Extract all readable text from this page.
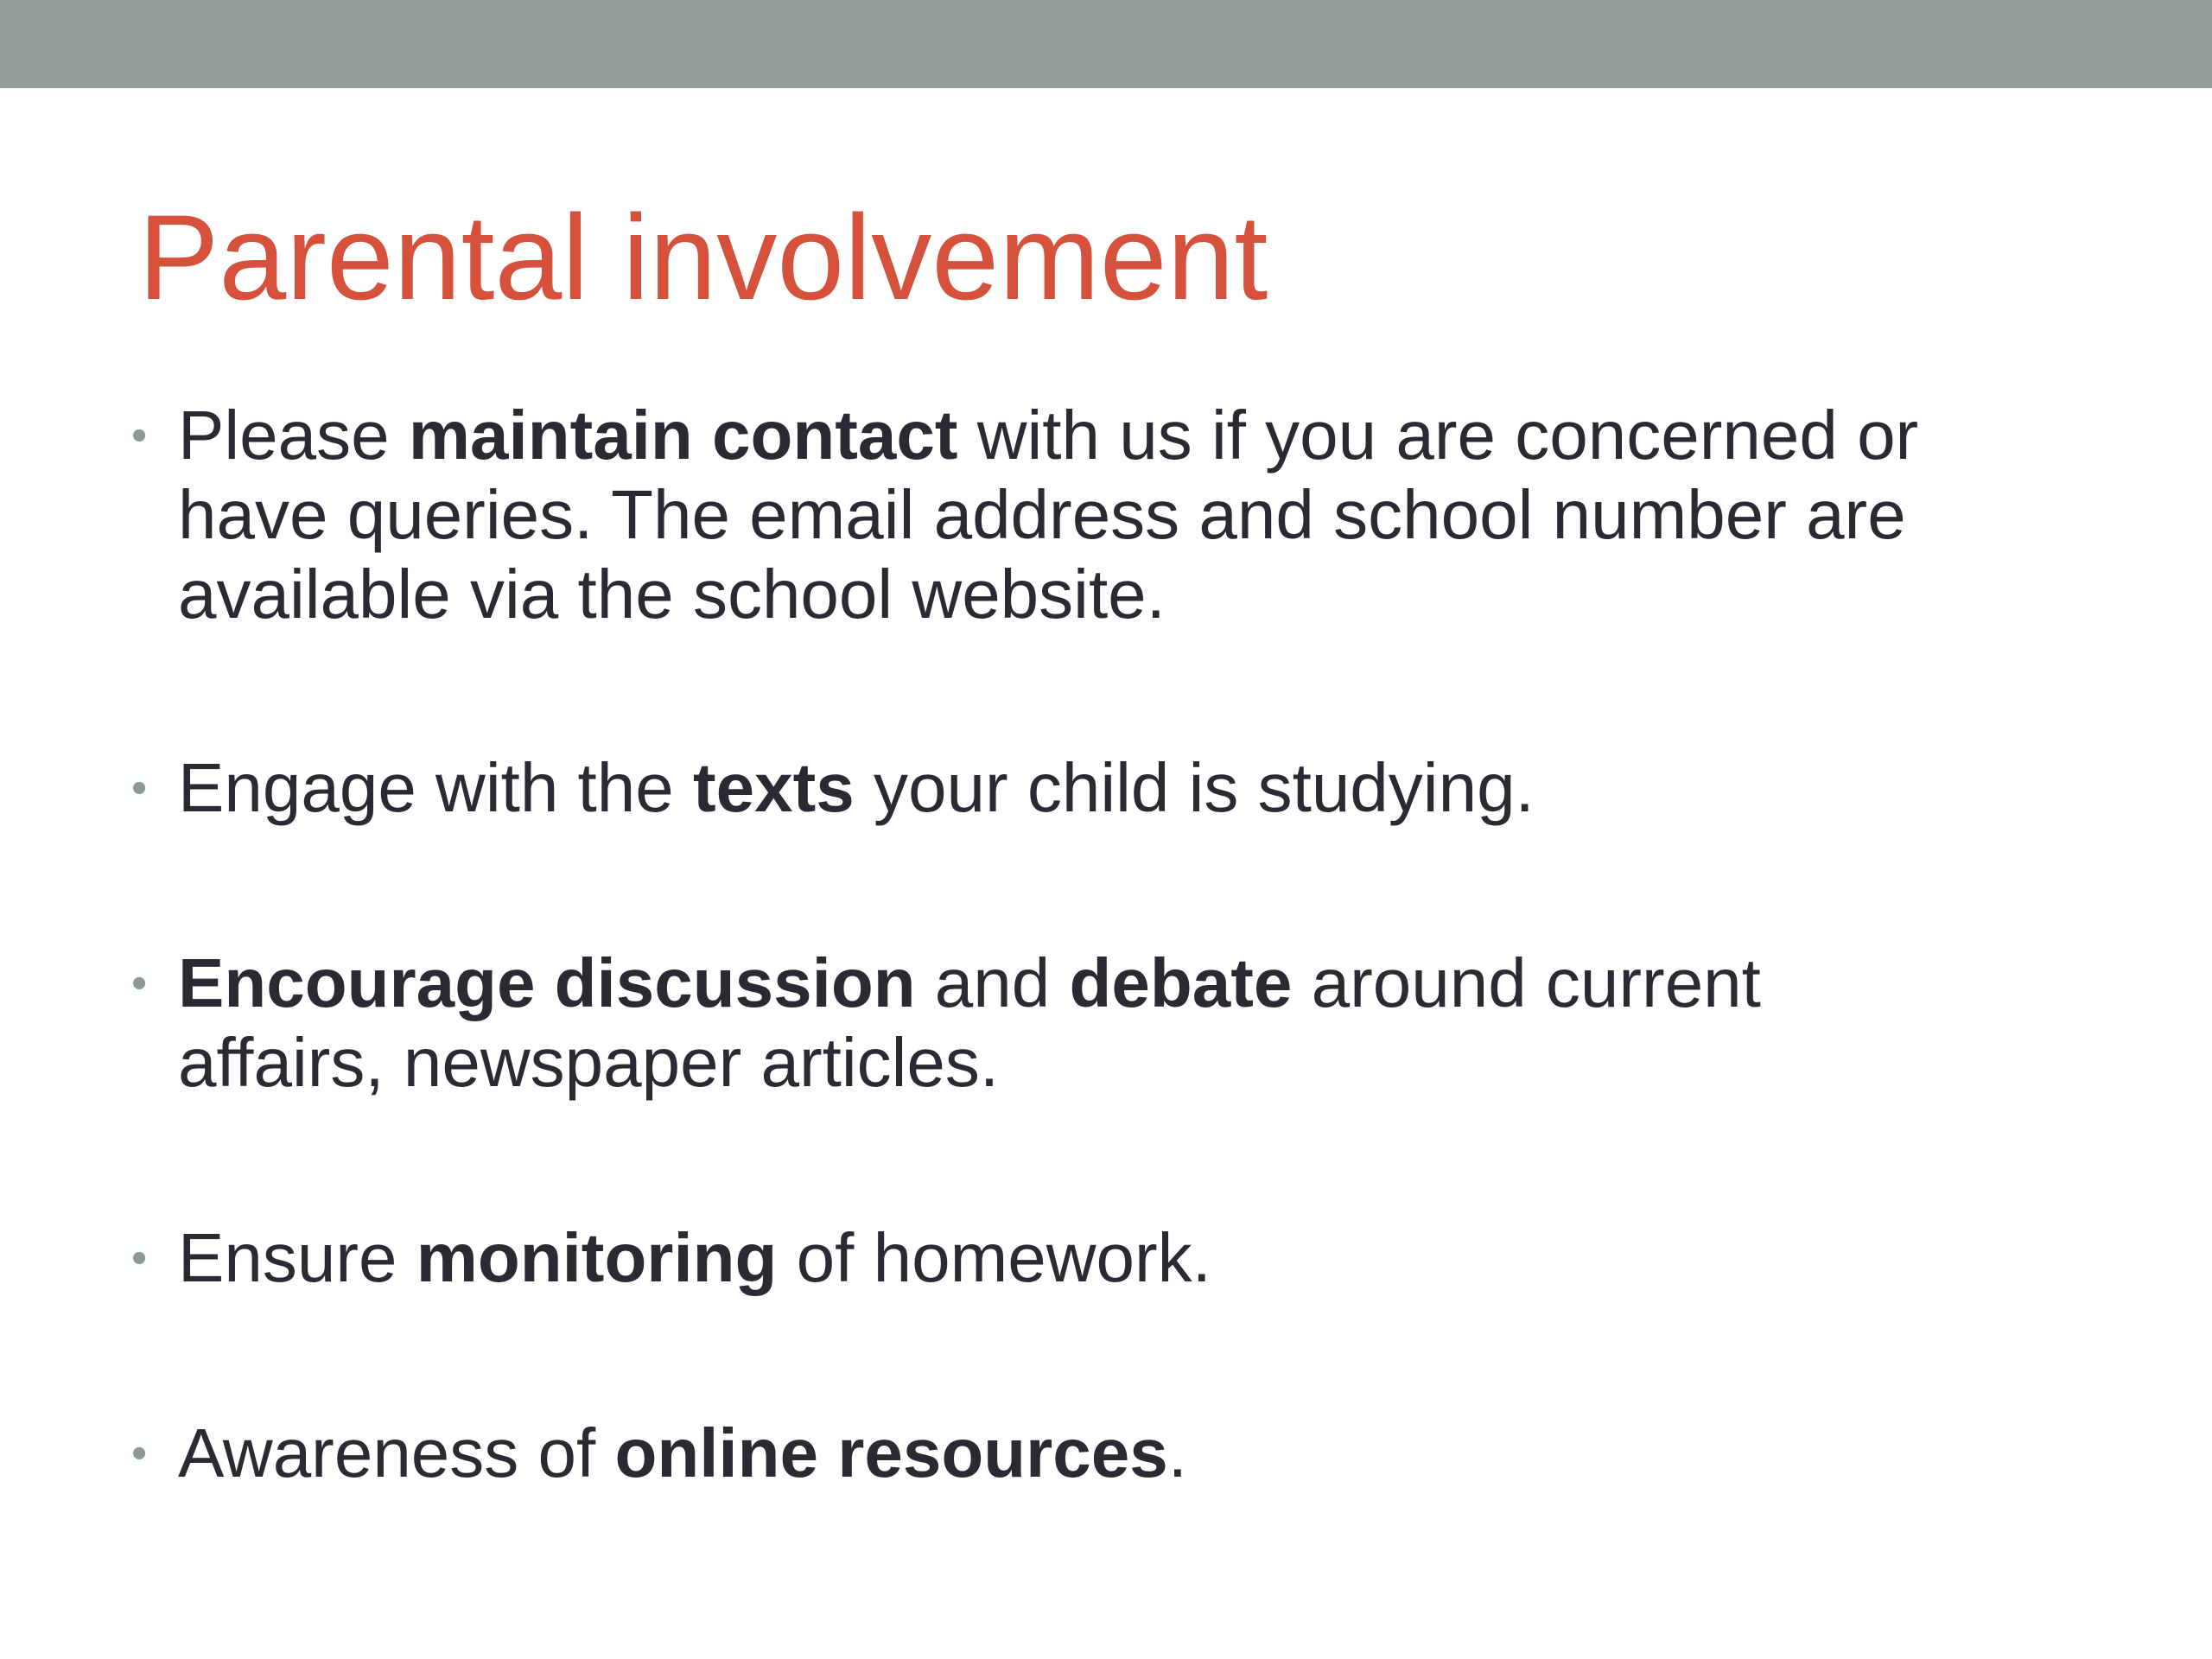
Parental involvement
• Please maintain contact with us if you are concerned or
have queries. The email address and school number are
available via the school website.
• Engage with the texts your child is studying.
• Encourage discussion and debate around current
affairs, newspaper articles.
• Ensure monitoring of homework.
• Awareness of online resources.
